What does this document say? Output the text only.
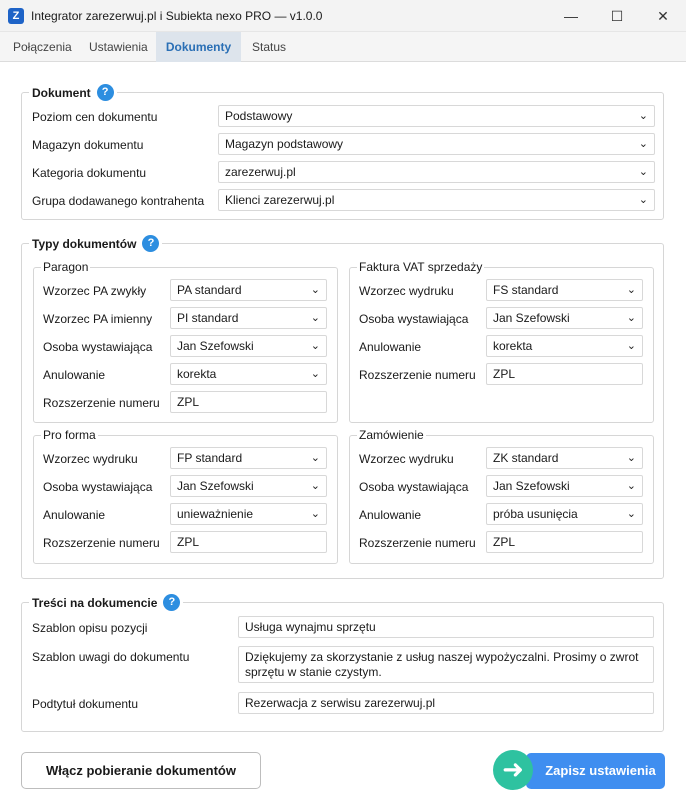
Z Integrator zarezerwuj.pl i Subiekta nexo PRO — v1.0.0	— ☐ ✕
Połączenia	Ustawienia	Dokumenty	Status
Dokument	?
Poziom cen dokumentu	Podstawowy	⌄
Magazyn dokumentu	Magazyn podstawowy	⌄
Kategoria dokumentu	zarezerwuj.pl	⌄
Grupa dodawanego kontrahenta	Klienci zarezerwuj.pl	⌄
Typy dokumentów	?
Paragon
Wzorzec PA zwykły	PA standard	⌄
Wzorzec PA imienny	PI standard	⌄
Osoba wystawiająca	Jan Szefowski	⌄
Anulowanie	korekta	⌄
Rozszerzenie numeru	ZPL
Faktura VAT sprzedaży
Wzorzec wydruku	FS standard	⌄
Osoba wystawiająca	Jan Szefowski	⌄
Anulowanie	korekta	⌄
Rozszerzenie numeru	ZPL
Pro forma
Wzorzec wydruku	FP standard	⌄
Osoba wystawiająca	Jan Szefowski	⌄
Anulowanie	unieważnienie	⌄
Rozszerzenie numeru	ZPL
Zamówienie
Wzorzec wydruku	ZK standard	⌄
Osoba wystawiająca	Jan Szefowski	⌄
Anulowanie	próba usunięcia	⌄
Rozszerzenie numeru	ZPL
Treści na dokumencie	?
Szablon opisu pozycji	Usługa wynajmu sprzętu
Szablon uwagi do dokumentu	Dziękujemy za skorzystanie z usług naszej wypożyczalni. Prosimy o zwrot sprzętu w stanie czystym.
Podtytuł dokumentu	Rezerwacja z serwisu zarezerwuj.pl
Włącz pobieranie dokumentów	Zapisz ustawienia
➜
